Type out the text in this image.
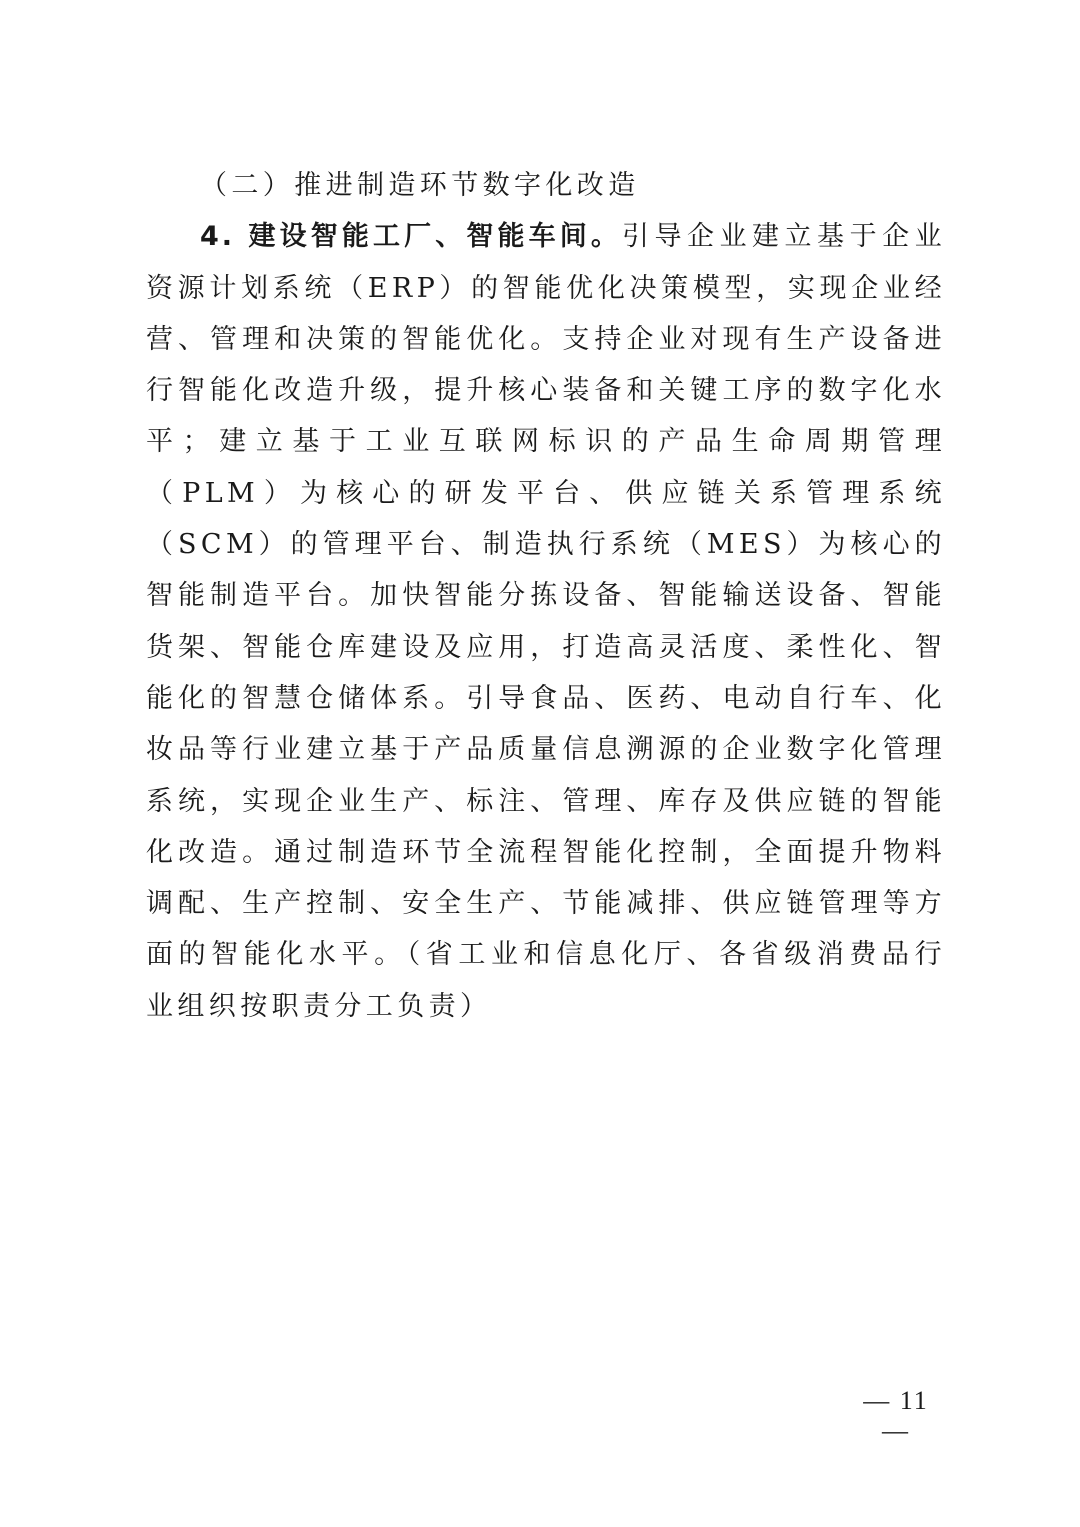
（二）推进制造环节数字化改造

4. 建设智能工厂、智能车间。引导企业建立基于企业资源计划系统（ERP）的智能优化决策模型，实现企业经营、管理和决策的智能优化。支持企业对现有生产设备进行智能化改造升级，提升核心装备和关键工序的数字化水平；建立基于工业互联网标识的产品生命周期管理（PLM）为核心的研发平台、供应链关系管理系统（SCM）的管理平台、制造执行系统（MES）为核心的智能制造平台。加快智能分拣设备、智能输送设备、智能货架、智能仓库建设及应用，打造高灵活度、柔性化、智能化的智慧仓储体系。引导食品、医药、电动自行车、化妆品等行业建立基于产品质量信息溯源的企业数字化管理系统，实现企业生产、标注、管理、库存及供应链的智能化改造。通过制造环节全流程智能化控制，全面提升物料调配、生产控制、安全生产、节能减排、供应链管理等方面的智能化水平。（省工业和信息化厅、各省级消费品行业组织按职责分工负责）

— 11 —
